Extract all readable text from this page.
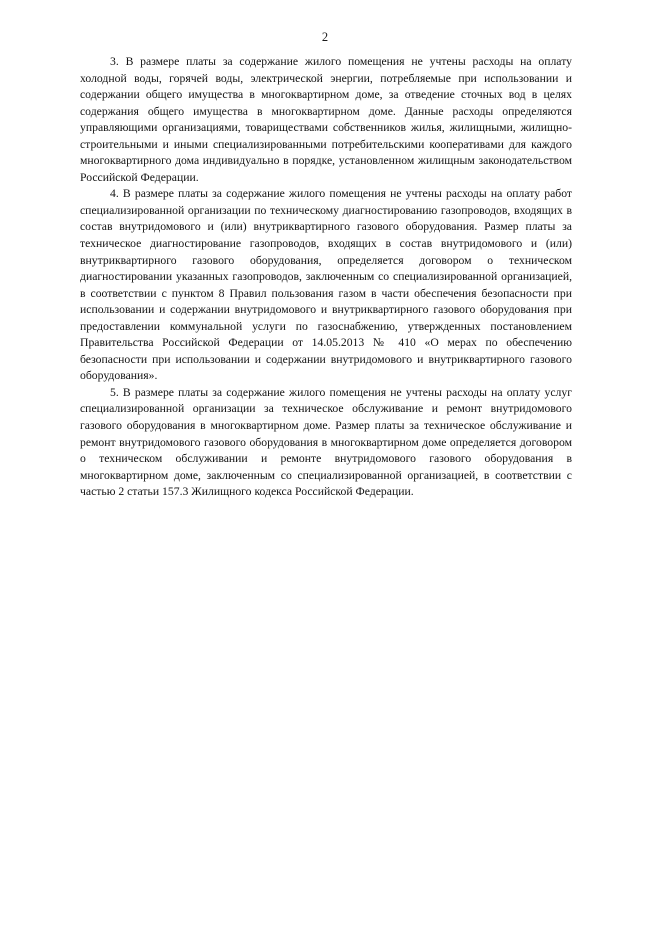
2

3. В размере платы за содержание жилого помещения не учтены расходы на оплату холодной воды, горячей воды, электрической энергии, потребляемые при использовании и содержании общего имущества в многоквартирном доме, за отведение сточных вод в целях содержания общего имущества в многоквартирном доме. Данные расходы определяются управляющими организациями, товариществами собственников жилья, жилищными, жилищно-строительными и иными специализированными потребительскими кооперативами для каждого многоквартирного дома индивидуально в порядке, установленном жилищным законодательством Российской Федерации.

4. В размере платы за содержание жилого помещения не учтены расходы на оплату работ специализированной организации по техническому диагностированию газопроводов, входящих в состав внутридомового и (или) внутриквартирного газового оборудования. Размер платы за техническое диагностирование газопроводов, входящих в состав внутридомового и (или) внутриквартирного газового оборудования, определяется договором о техническом диагностировании указанных газопроводов, заключенным со специализированной организацией, в соответствии с пунктом 8 Правил пользования газом в части обеспечения безопасности при использовании и содержании внутридомового и внутриквартирного газового оборудования при предоставлении коммунальной услуги по газоснабжению, утвержденных постановлением Правительства Российской Федерации от 14.05.2013 № 410 «О мерах по обеспечению безопасности при использовании и содержании внутридомового и внутриквартирного газового оборудования».

5. В размере платы за содержание жилого помещения не учтены расходы на оплату услуг специализированной организации за техническое обслуживание и ремонт внутридомового газового оборудования в многоквартирном доме. Размер платы за техническое обслуживание и ремонт внутридомового газового оборудования в многоквартирном доме определяется договором о техническом обслуживании и ремонте внутридомового газового оборудования в многоквартирном доме, заключенным со специализированной организацией, в соответствии с частью 2 статьи 157.3 Жилищного кодекса Российской Федерации.
